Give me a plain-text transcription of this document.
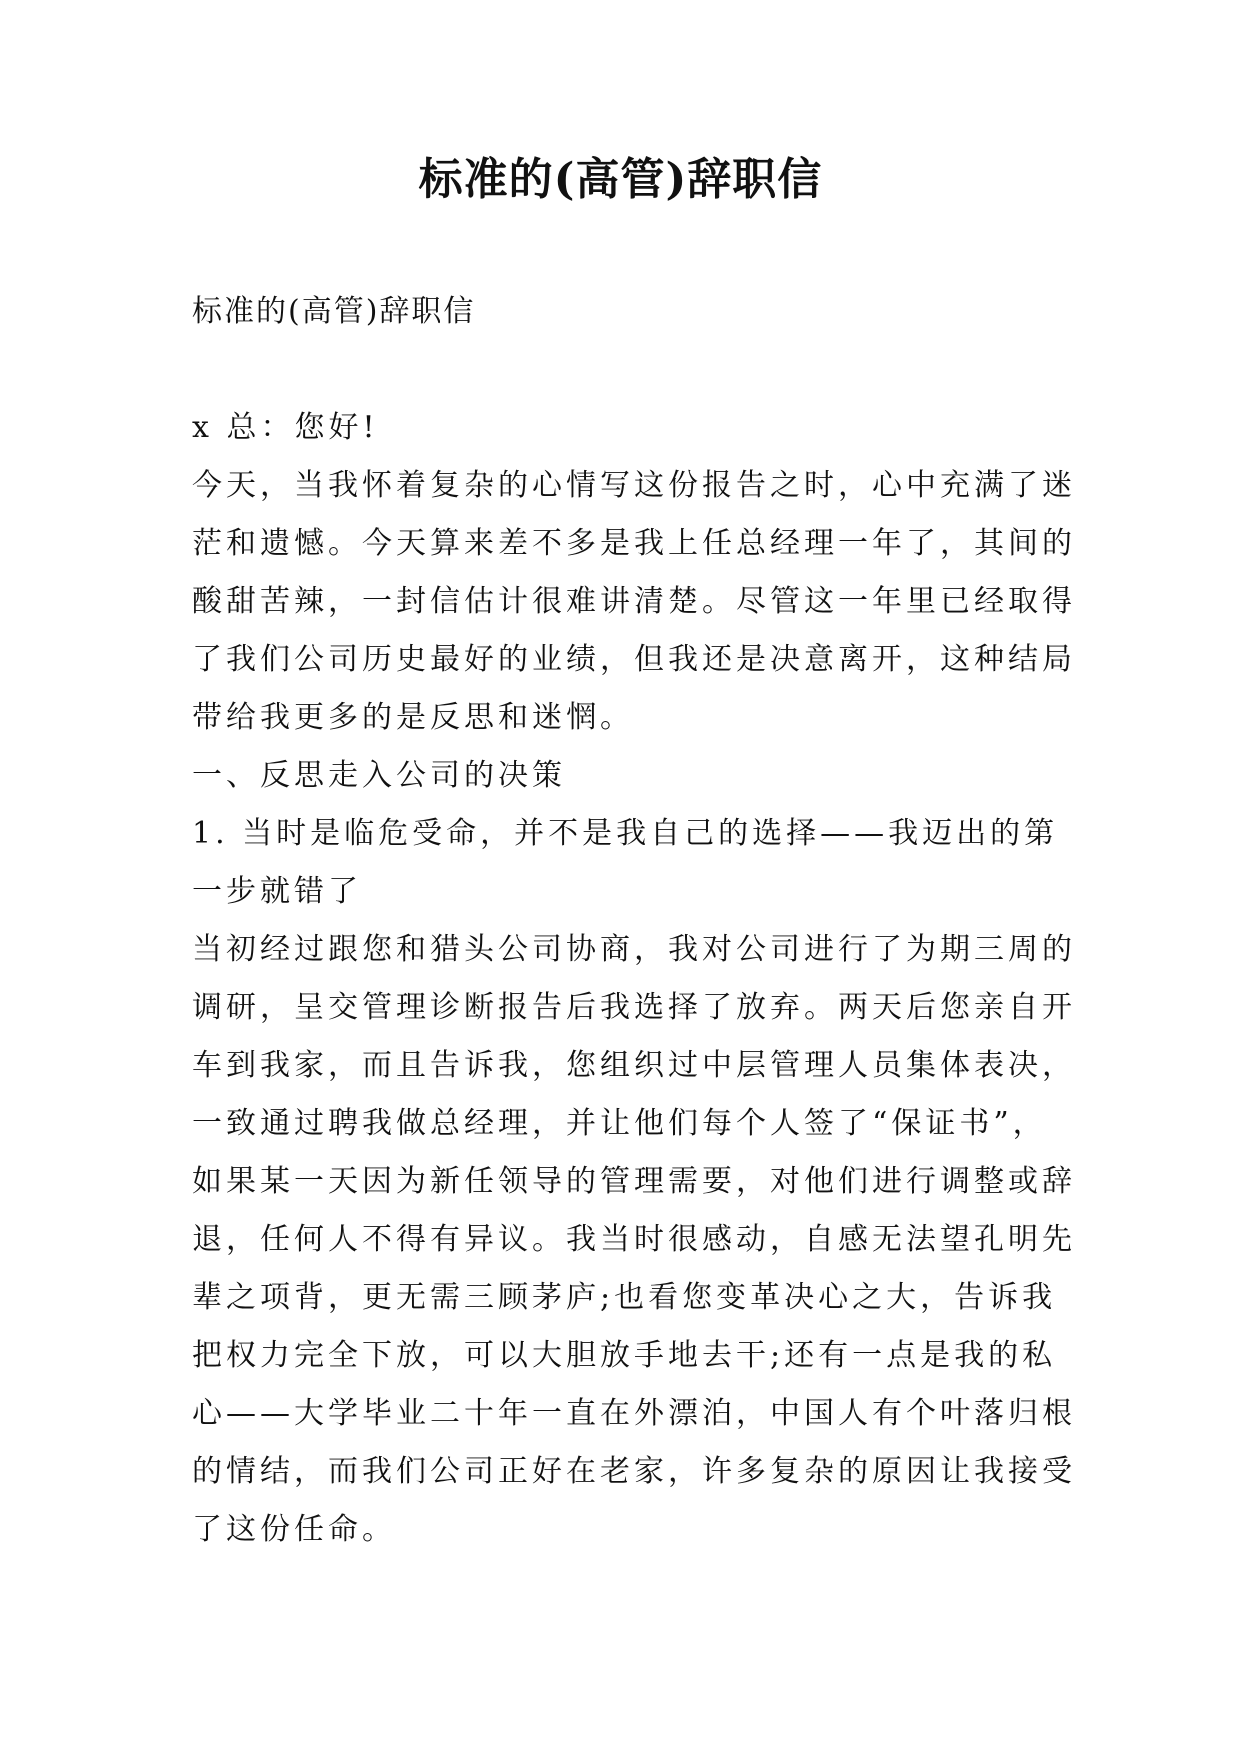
标准的(高管)辞职信

标准的(高管)辞职信

x 总：您好!

今天，当我怀着复杂的心情写这份报告之时，心中充满了迷

茫和遗憾。今天算来差不多是我上任总经理一年了，其间的

酸甜苦辣，一封信估计很难讲清楚。尽管这一年里已经取得

了我们公司历史最好的业绩，但我还是决意离开，这种结局

带给我更多的是反思和迷惘。

一、反思走入公司的决策

1. 当时是临危受命，并不是我自己的选择——我迈出的第

一步就错了

当初经过跟您和猎头公司协商，我对公司进行了为期三周的

调研，呈交管理诊断报告后我选择了放弃。两天后您亲自开

车到我家，而且告诉我，您组织过中层管理人员集体表决，

一致通过聘我做总经理，并让他们每个人签了“保证书”，

如果某一天因为新任领导的管理需要，对他们进行调整或辞

退，任何人不得有异议。我当时很感动，自感无法望孔明先

辈之项背，更无需三顾茅庐;也看您变革决心之大，告诉我

把权力完全下放，可以大胆放手地去干;还有一点是我的私

心——大学毕业二十年一直在外漂泊，中国人有个叶落归根

的情结，而我们公司正好在老家，许多复杂的原因让我接受

了这份任命。
